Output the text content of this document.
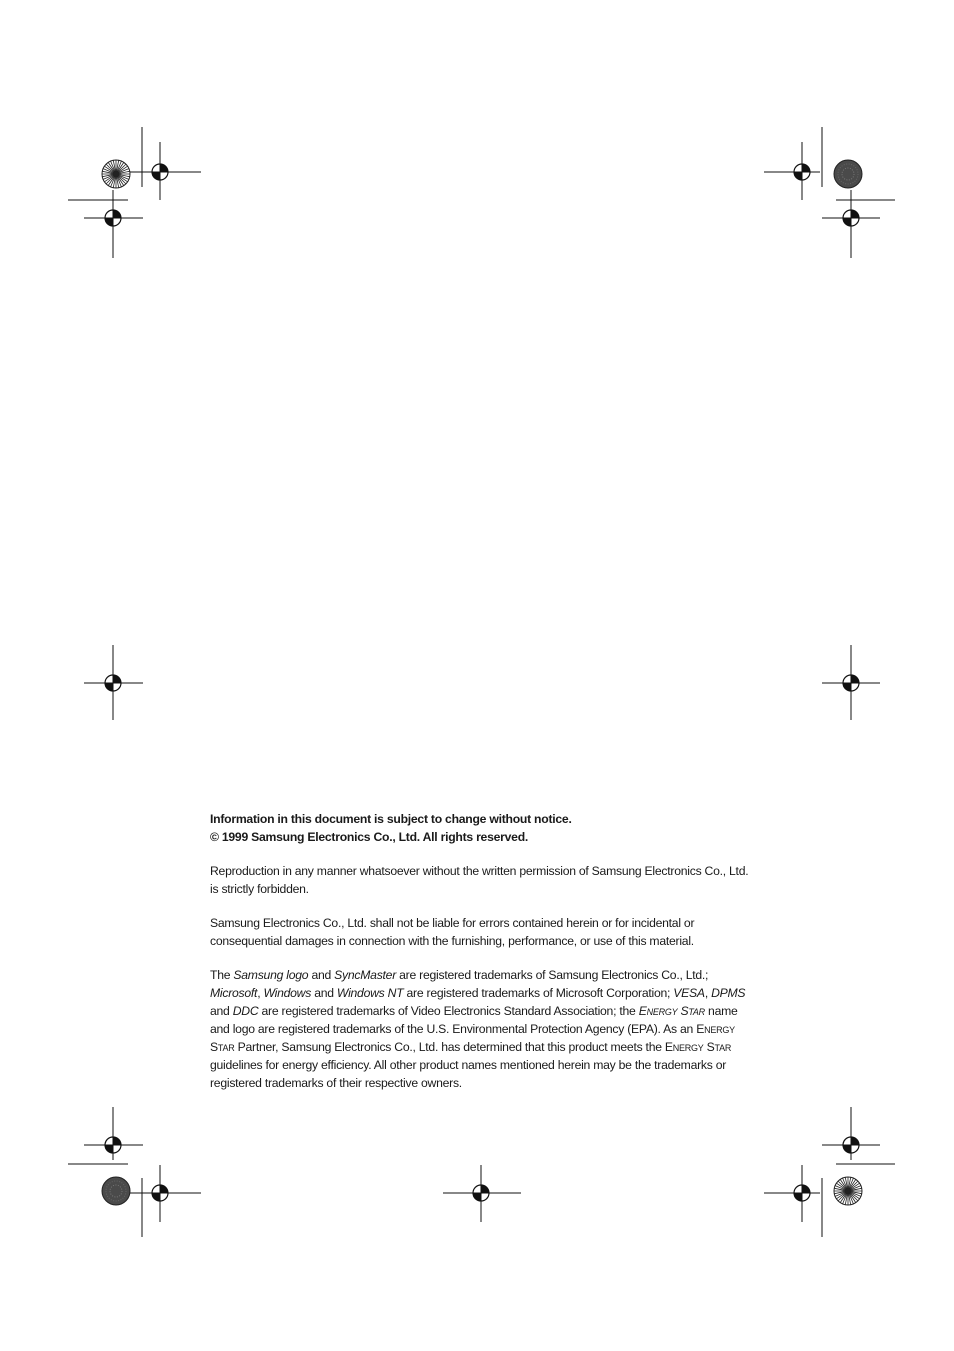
Information in this document is subject to change without notice.
© 1999 Samsung Electronics Co., Ltd. All rights reserved.

Reproduction in any manner whatsoever without the written permission of Samsung Electronics Co., Ltd. is strictly forbidden.

Samsung Electronics Co., Ltd. shall not be liable for errors contained herein or for incidental or consequential damages in connection with the furnishing, performance, or use of this material.

The Samsung logo and SyncMaster are registered trademarks of Samsung Electronics Co., Ltd.; Microsoft, Windows and Windows NT are registered trademarks of Microsoft Corporation; VESA, DPMS and DDC are registered trademarks of Video Electronics Standard Association; the Energy Star name and logo are registered trademarks of the U.S. Environmental Protection Agency (EPA). As an Energy Star Partner, Samsung Electronics Co., Ltd. has determined that this product meets the Energy Star guidelines for energy efficiency. All other product names mentioned herein may be the trademarks or registered trademarks of their respective owners.
